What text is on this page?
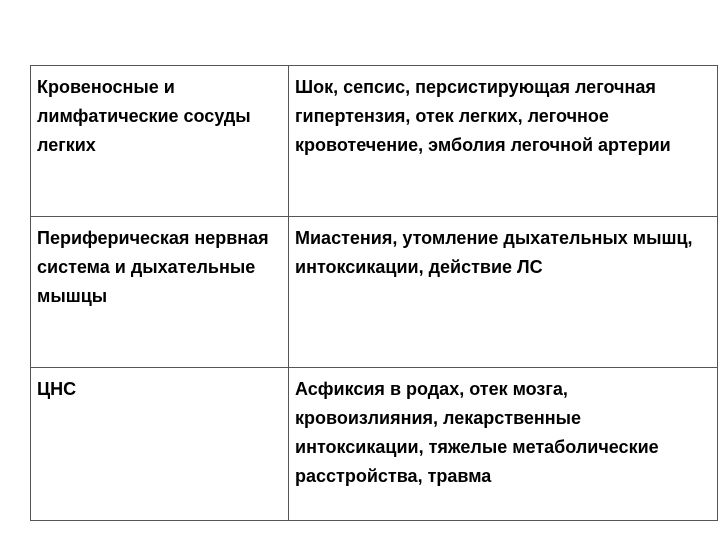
Кровеносные и лимфатические сосуды легких	Шок, сепсис, персистирующая легочная гипертензия, отек легких, легочное кровотечение, эмболия легочной артерии

Периферическая нервная система и дыхательные мышцы	Миастения, утомление дыхательных мышц, интоксикации, действие ЛС

ЦНС	Асфиксия в родах, отек мозга, кровоизлияния, лекарственные интоксикации, тяжелые метаболические расстройства, травма
